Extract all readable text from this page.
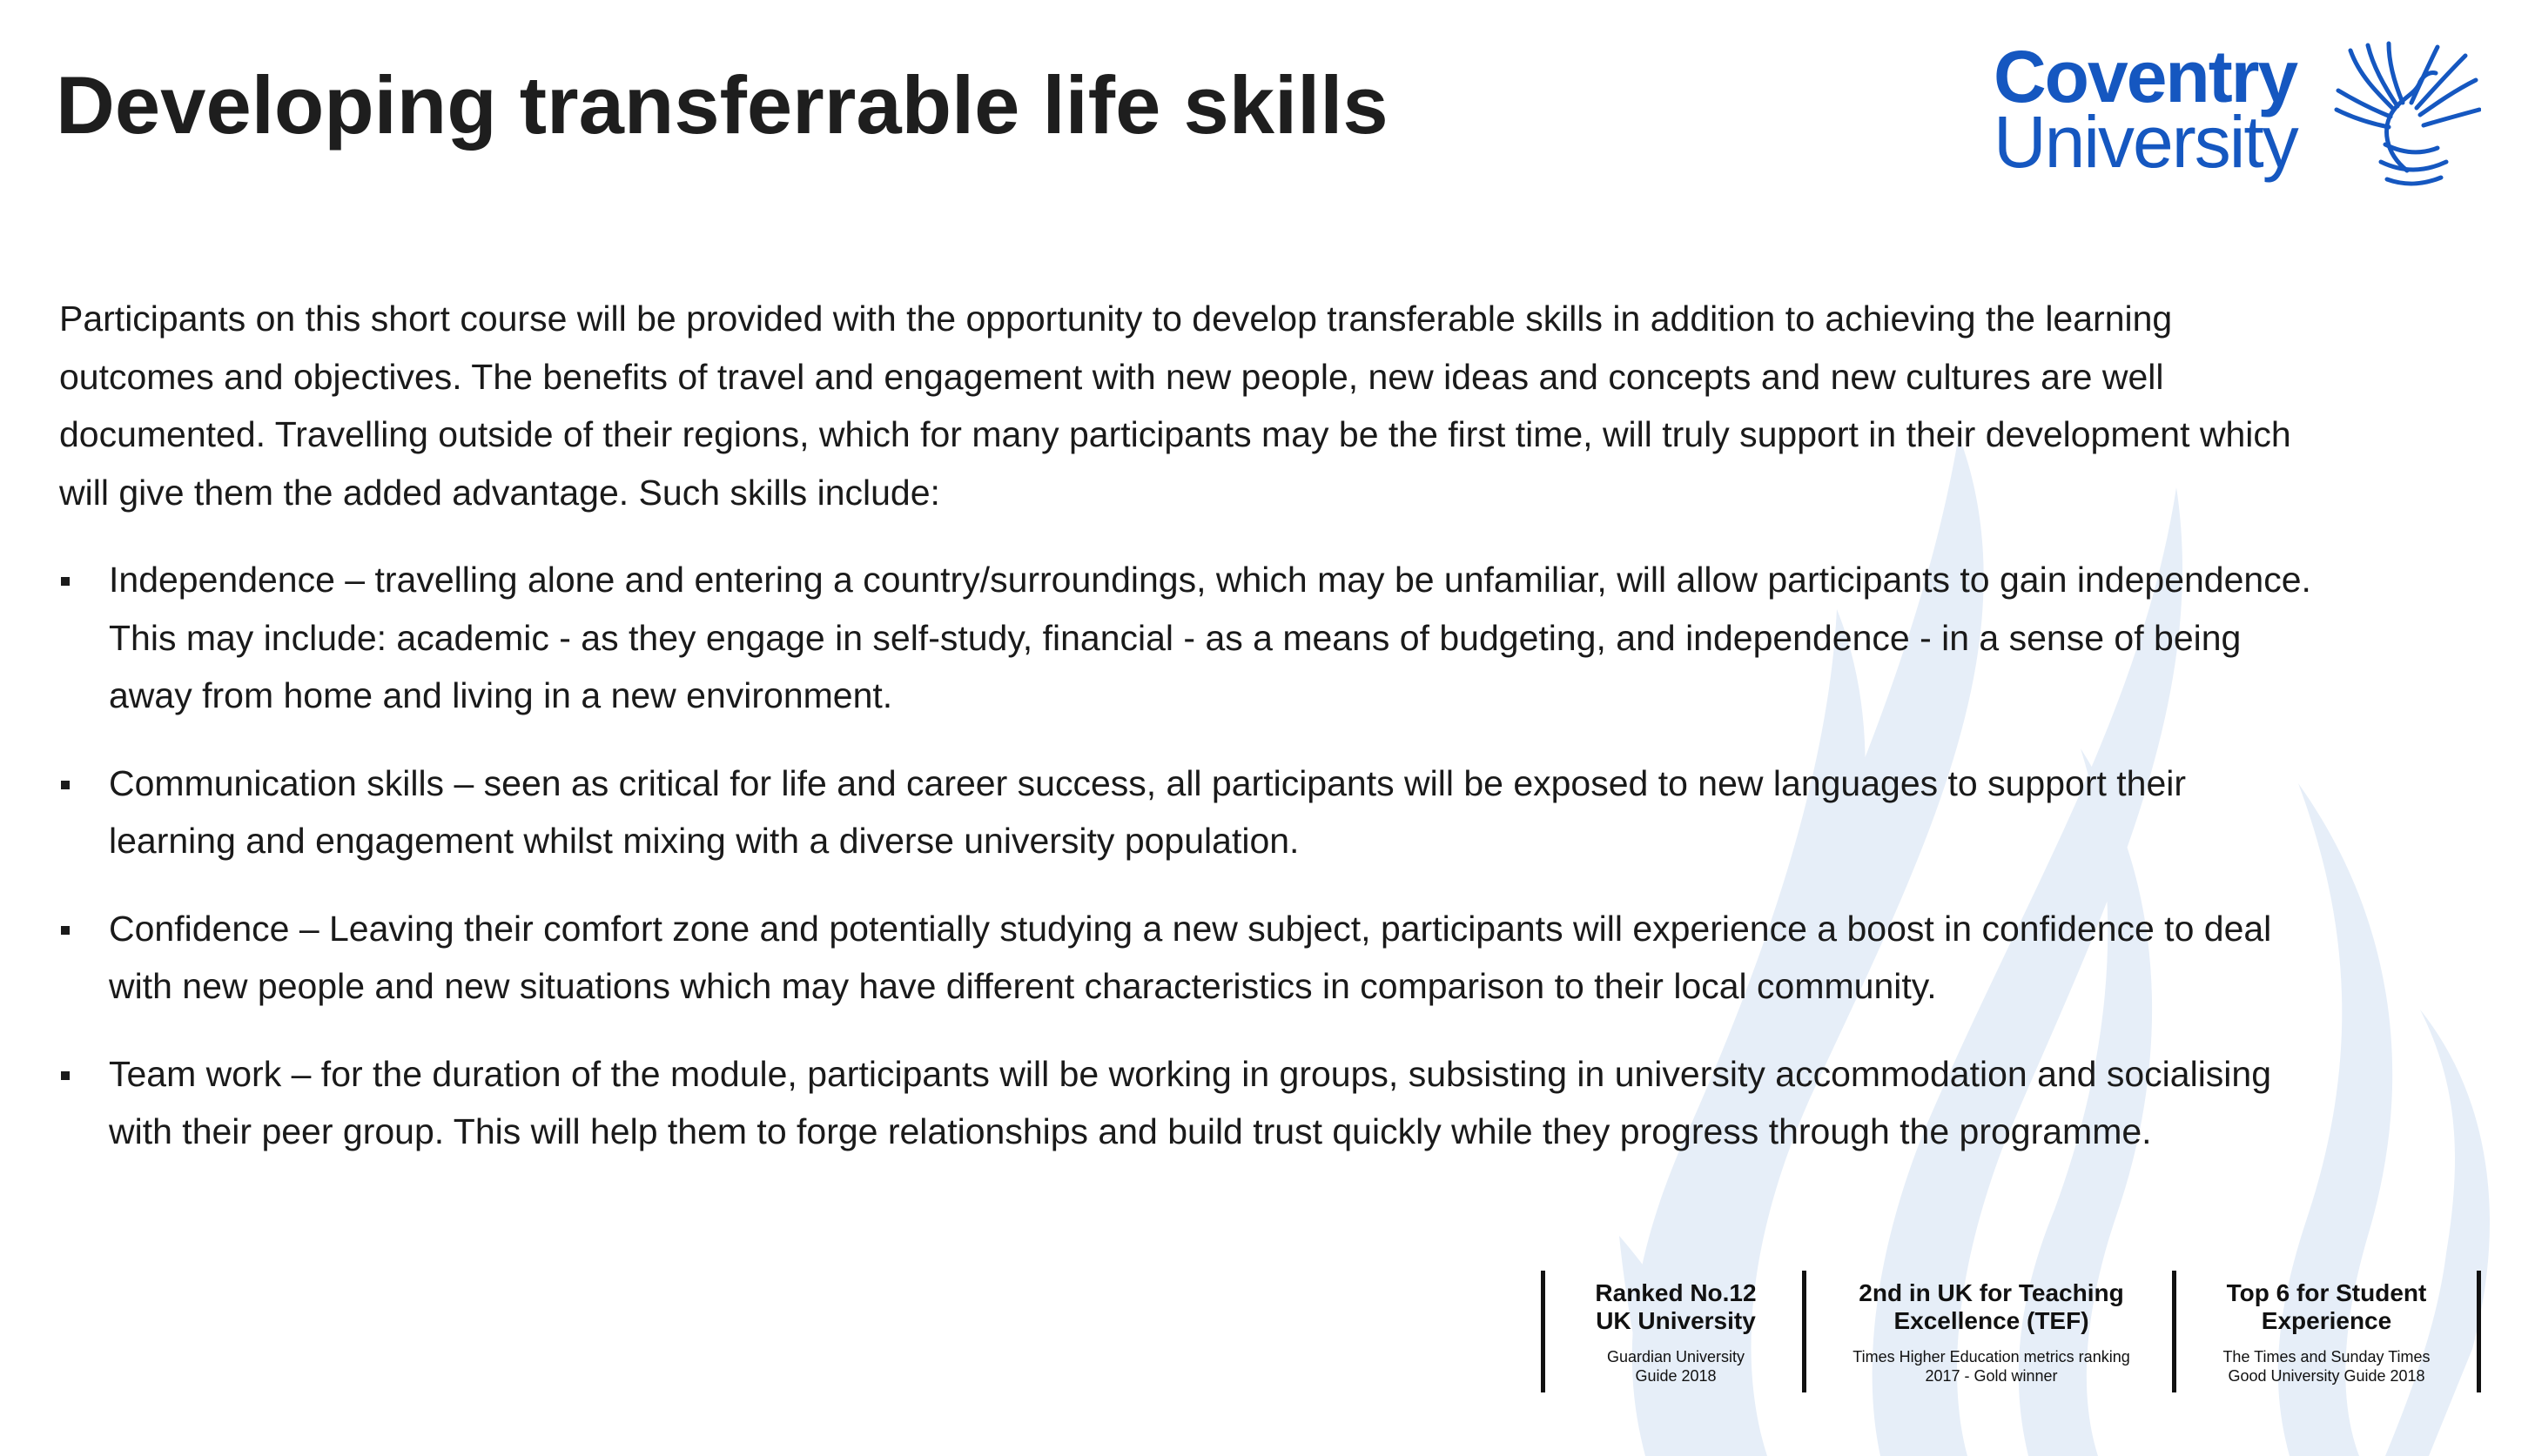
Developing transferrable life skills	Coventry
University

Participants on this short course will be provided with the opportunity to develop transferable skills in addition to achieving the learning outcomes and objectives. The benefits of travel and engagement with new people, new ideas and concepts and new cultures are well documented. Travelling outside of their regions, which for many participants may be the first time, will truly support in their development which will give them the added advantage. Such skills include:

Independence – travelling alone and entering a country/surroundings, which may be unfamiliar, will allow participants to gain independence. This may include: academic - as they engage in self-study, financial - as a means of budgeting, and independence - in a sense of being away from home and living in a new environment.
Communication skills – seen as critical for life and career success, all participants will be exposed to new languages to support their learning and engagement whilst mixing with a diverse university population.
Confidence – Leaving their comfort zone and potentially studying a new subject, participants will experience a boost in confidence to deal with new people and new situations which may have different characteristics in comparison to their local community.
Team work – for the duration of the module, participants will be working in groups, subsisting in university accommodation and socialising with their peer group. This will help them to forge relationships and build trust quickly while they progress through the programme.
Ranked No.12
UK University
Guardian University
Guide 2018
2nd in UK for Teaching
Excellence (TEF)
Times Higher Education metrics ranking
2017 - Gold winner
Top 6 for Student
Experience
The Times and Sunday Times
Good University Guide 2018
